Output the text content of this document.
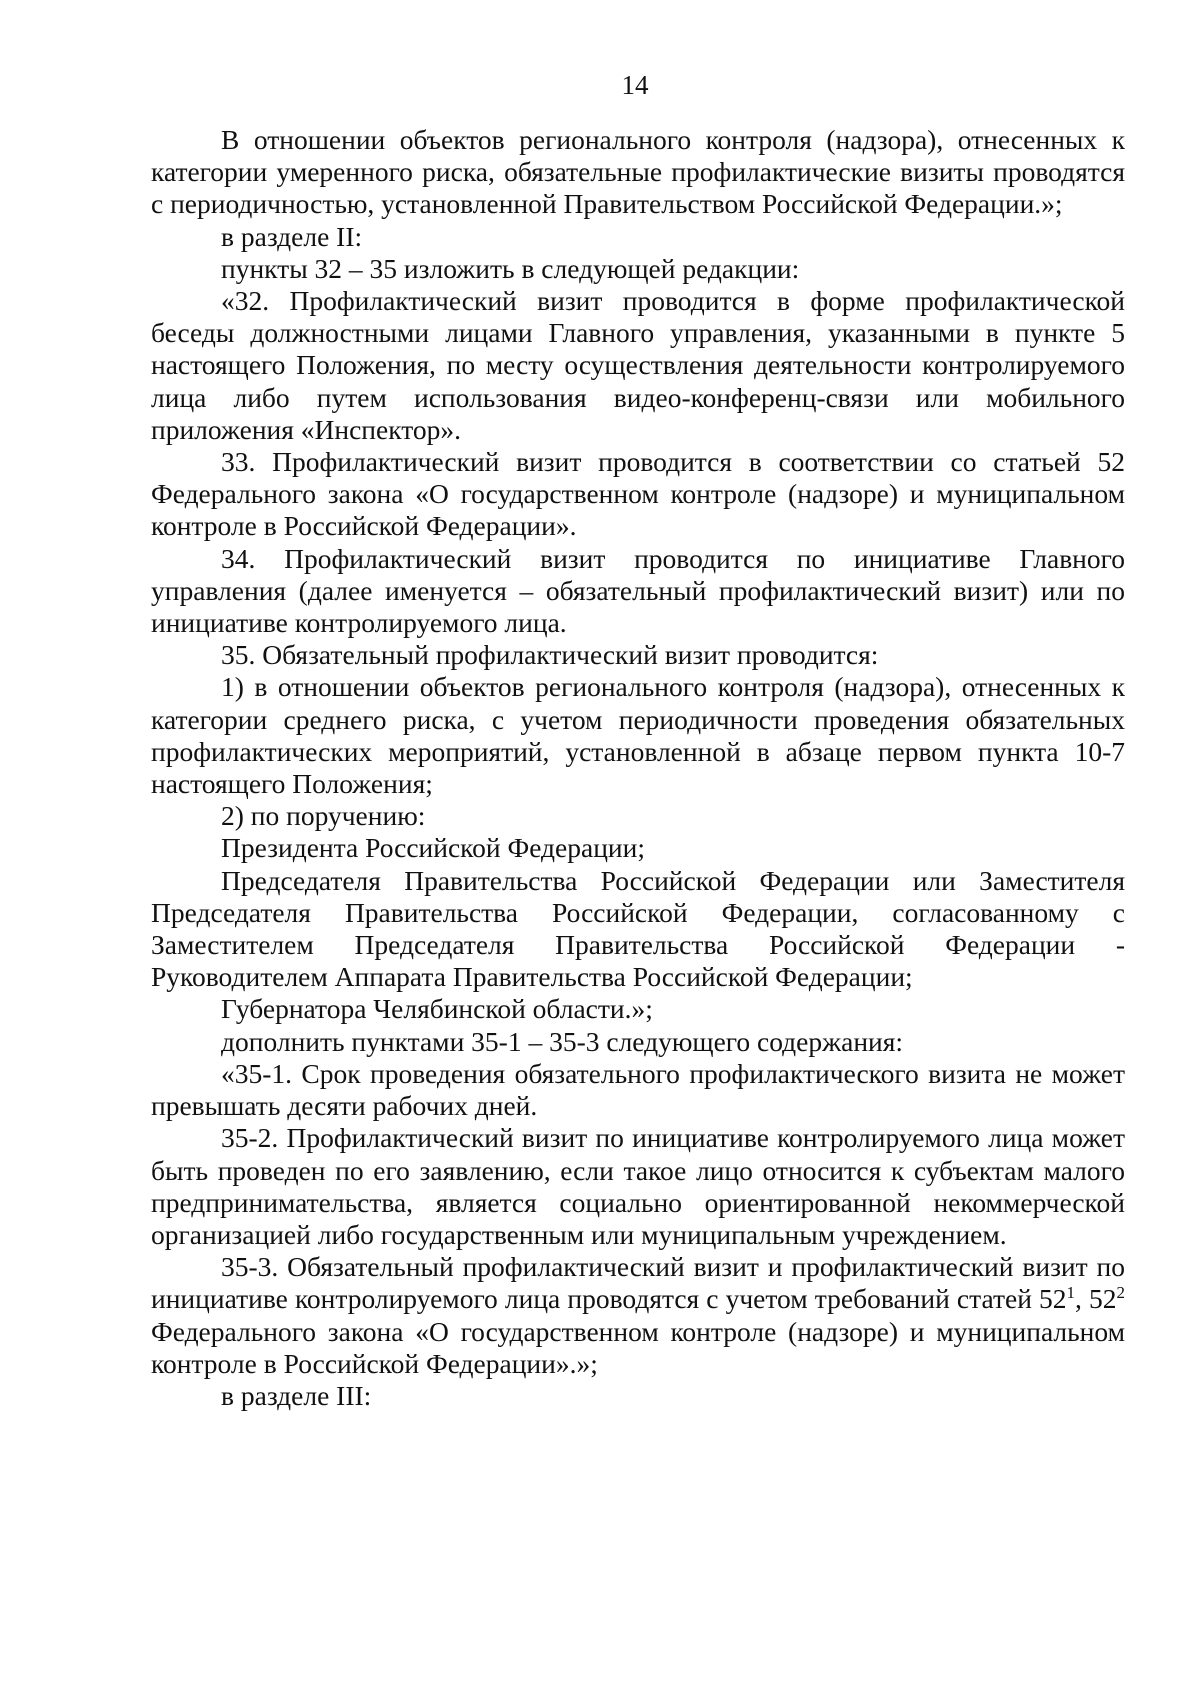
14

В отношении объектов регионального контроля (надзора), отнесенных к категории умеренного риска, обязательные профилактические визиты проводятся с периодичностью, установленной Правительством Российской Федерации.»;

в разделе II:

пункты 32 – 35 изложить в следующей редакции:

«32. Профилактический визит проводится в форме профилактической беседы должностными лицами Главного управления, указанными в пункте 5 настоящего Положения, по месту осуществления деятельности контролируемого лица либо путем использования видео-конференц-связи или мобильного приложения «Инспектор».

33. Профилактический визит проводится в соответствии со статьей 52 Федерального закона «О государственном контроле (надзоре) и муниципальном контроле в Российской Федерации».

34. Профилактический визит проводится по инициативе Главного управления (далее именуется – обязательный профилактический визит) или по инициативе контролируемого лица.

35. Обязательный профилактический визит проводится:

1) в отношении объектов регионального контроля (надзора), отнесенных к категории среднего риска, с учетом периодичности проведения обязательных профилактических мероприятий, установленной в абзаце первом пункта 10-7 настоящего Положения;

2) по поручению:

Президента Российской Федерации;

Председателя Правительства Российской Федерации или Заместителя Председателя Правительства Российской Федерации, согласованному с Заместителем Председателя Правительства Российской Федерации -

Руководителем Аппарата Правительства Российской Федерации;

Губернатора Челябинской области.»;

дополнить пунктами 35-1 – 35-3 следующего содержания:

«35-1. Срок проведения обязательного профилактического визита не может превышать десяти рабочих дней.

35-2. Профилактический визит по инициативе контролируемого лица может быть проведен по его заявлению, если такое лицо относится к субъектам малого предпринимательства, является социально ориентированной некоммерческой организацией либо государственным или муниципальным учреждением.

35-3. Обязательный профилактический визит и профилактический визит по инициативе контролируемого лица проводятся с учетом требований статей $52^1$, $52^2$ Федерального закона «О государственном контроле (надзоре) и муниципальном контроле в Российской Федерации».»;

в разделе III:
